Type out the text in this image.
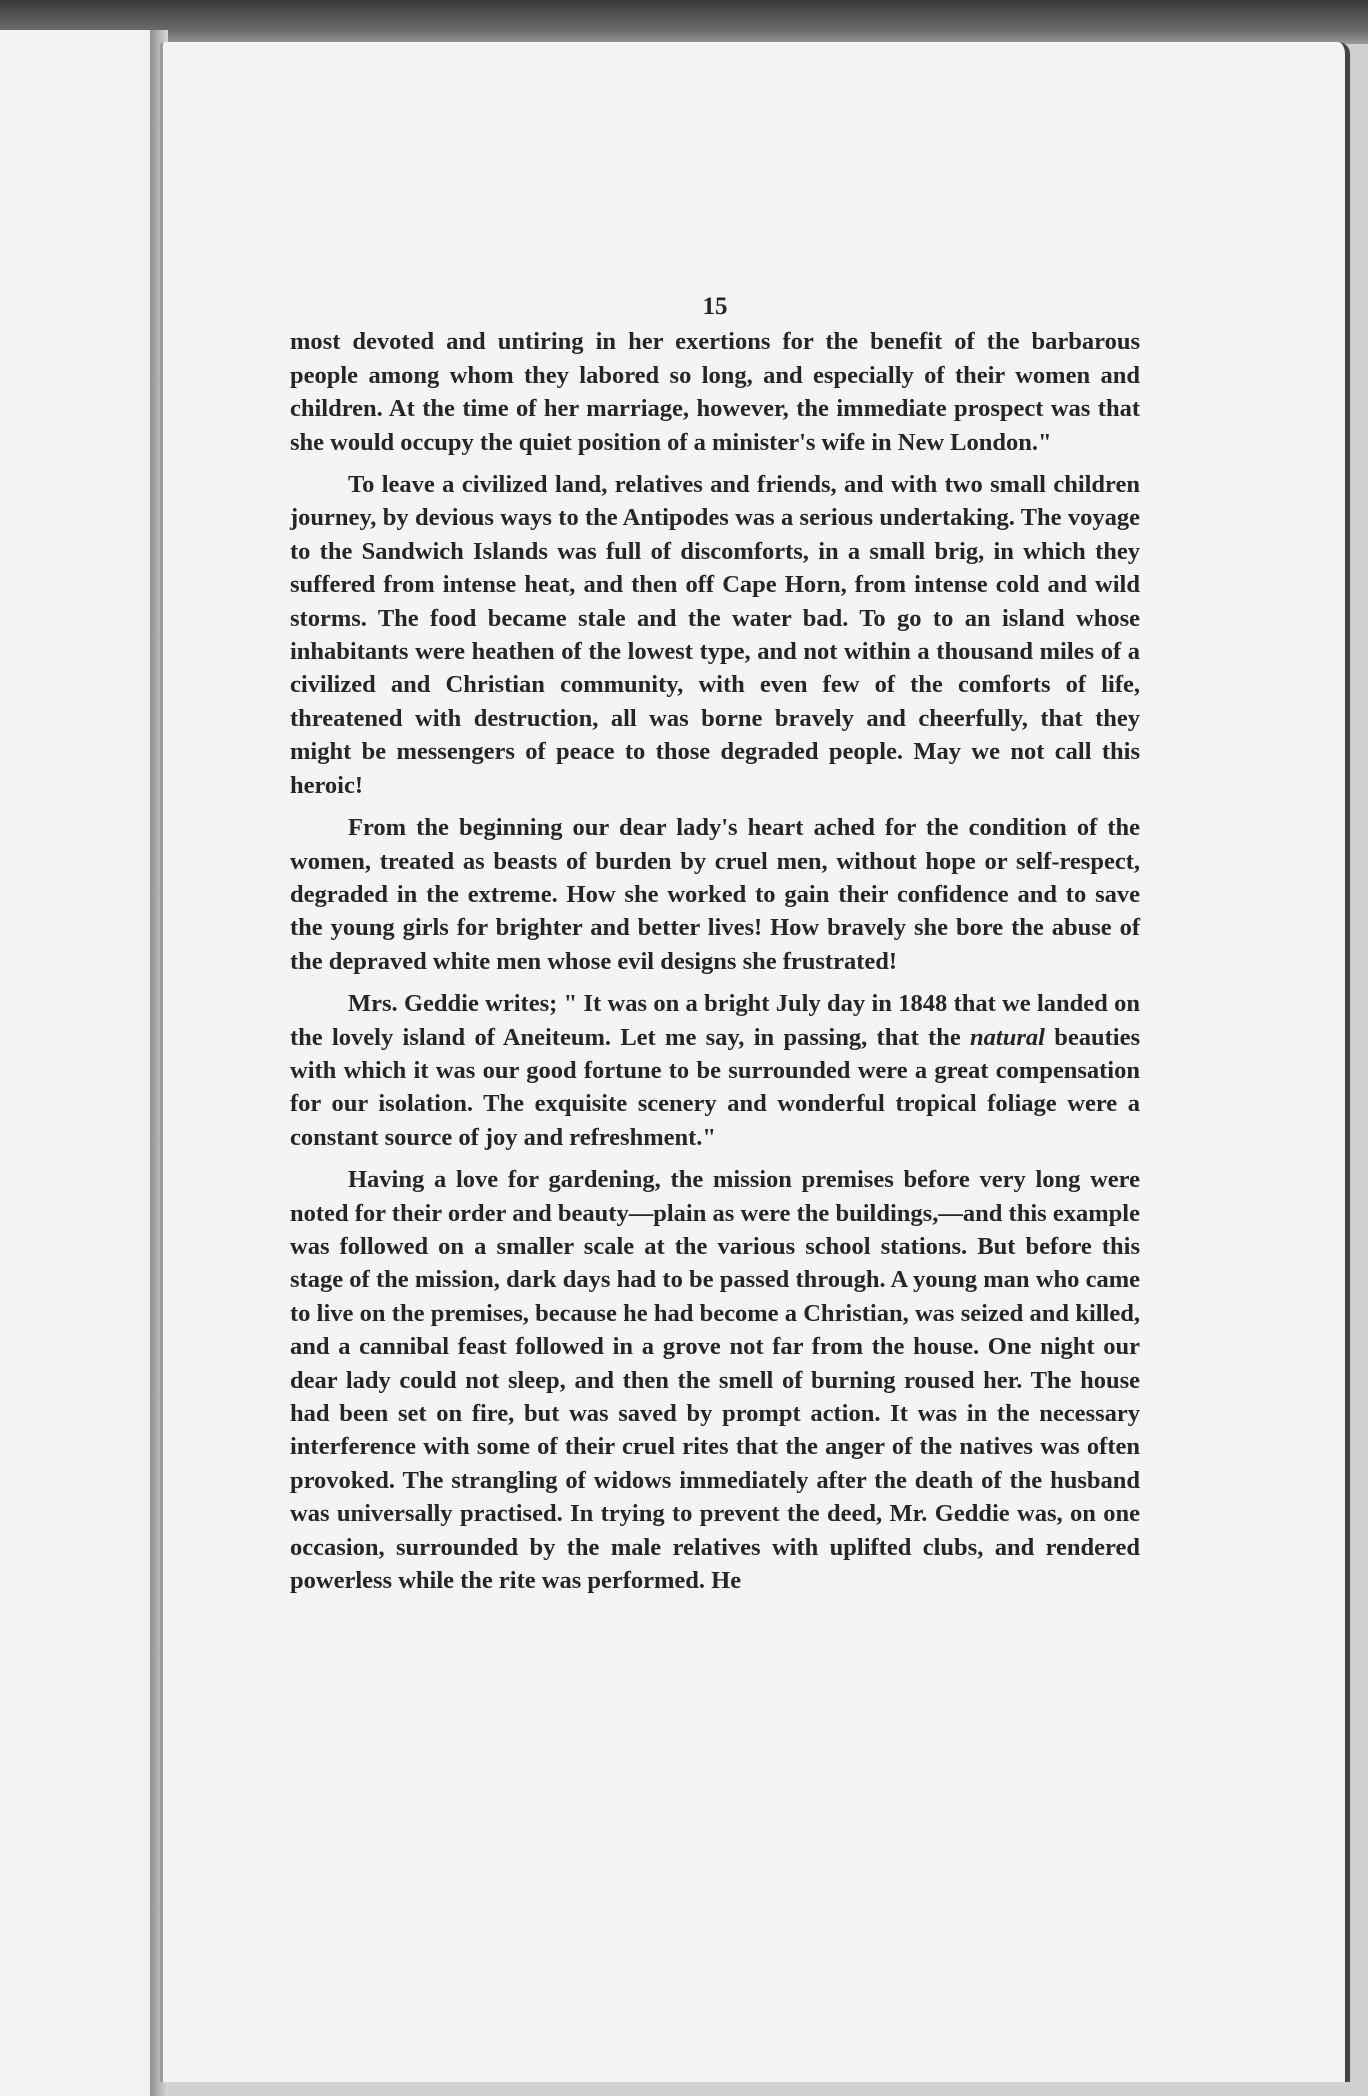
15

most devoted and untiring in her exertions for the benefit of the barbarous people among whom they labored so long, and especially of their women and children. At the time of her marriage, however, the immediate prospect was that she would occupy the quiet position of a minister's wife in New London."

To leave a civilized land, relatives and friends, and with two small children journey, by devious ways to the Antipodes was a serious undertaking. The voyage to the Sandwich Islands was full of discomforts, in a small brig, in which they suffered from intense heat, and then off Cape Horn, from intense cold and wild storms. The food became stale and the water bad. To go to an island whose inhabitants were heathen of the lowest type, and not within a thousand miles of a civilized and Christian community, with even few of the comforts of life, threatened with destruction, all was borne bravely and cheerfully, that they might be messengers of peace to those degraded people. May we not call this heroic!

From the beginning our dear lady's heart ached for the condition of the women, treated as beasts of burden by cruel men, without hope or self-respect, degraded in the extreme. How she worked to gain their confidence and to save the young girls for brighter and better lives! How bravely she bore the abuse of the depraved white men whose evil designs she frustrated!

Mrs. Geddie writes; " It was on a bright July day in 1848 that we landed on the lovely island of Aneiteum. Let me say, in passing, that the natural beauties with which it was our good fortune to be surrounded were a great compensation for our isolation. The exquisite scenery and wonderful tropical foliage were a constant source of joy and refreshment."

Having a love for gardening, the mission premises before very long were noted for their order and beauty—plain as were the buildings,—and this example was followed on a smaller scale at the various school stations. But before this stage of the mission, dark days had to be passed through. A young man who came to live on the premises, because he had become a Christian, was seized and killed, and a cannibal feast followed in a grove not far from the house. One night our dear lady could not sleep, and then the smell of burning roused her. The house had been set on fire, but was saved by prompt action. It was in the necessary interference with some of their cruel rites that the anger of the natives was often provoked. The strangling of widows immediately after the death of the husband was universally practised. In trying to prevent the deed, Mr. Geddie was, on one occasion, surrounded by the male relatives with uplifted clubs, and rendered powerless while the rite was performed. He
